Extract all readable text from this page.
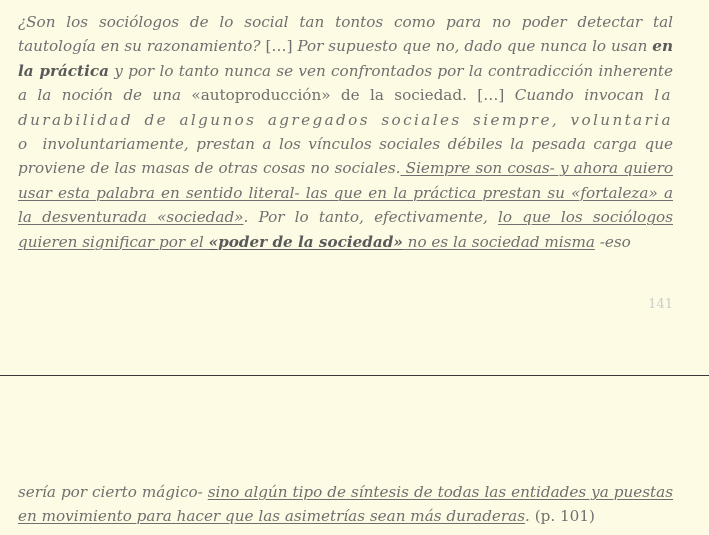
¿Son los sociólogos de lo social tan tontos como para no poder detectar tal tautología en su razonamiento? […] Por supuesto que no, dado que nunca lo usan en la práctica y por lo tanto nunca se ven confrontados por la contradicción inherente a la noción de una «autoproducción» de la sociedad. […] Cuando invocan la durabilidad de algunos agregados sociales siempre, voluntaria o involuntariamente, prestan a los vínculos sociales débiles la pesada carga que proviene de las masas de otras cosas no sociales. Siempre son cosas- y ahora quiero usar esta palabra en sentido literal- las que en la práctica prestan su «fortaleza» a la desventurada «sociedad». Por lo tanto, efectivamente, lo que los sociólogos quieren significar por el «poder de la sociedad» no es la sociedad misma -eso

141

sería por cierto mágico- sino algún tipo de síntesis de todas las entidades ya puestas en movimiento para hacer que las asimetrías sean más duraderas. (p. 101)
